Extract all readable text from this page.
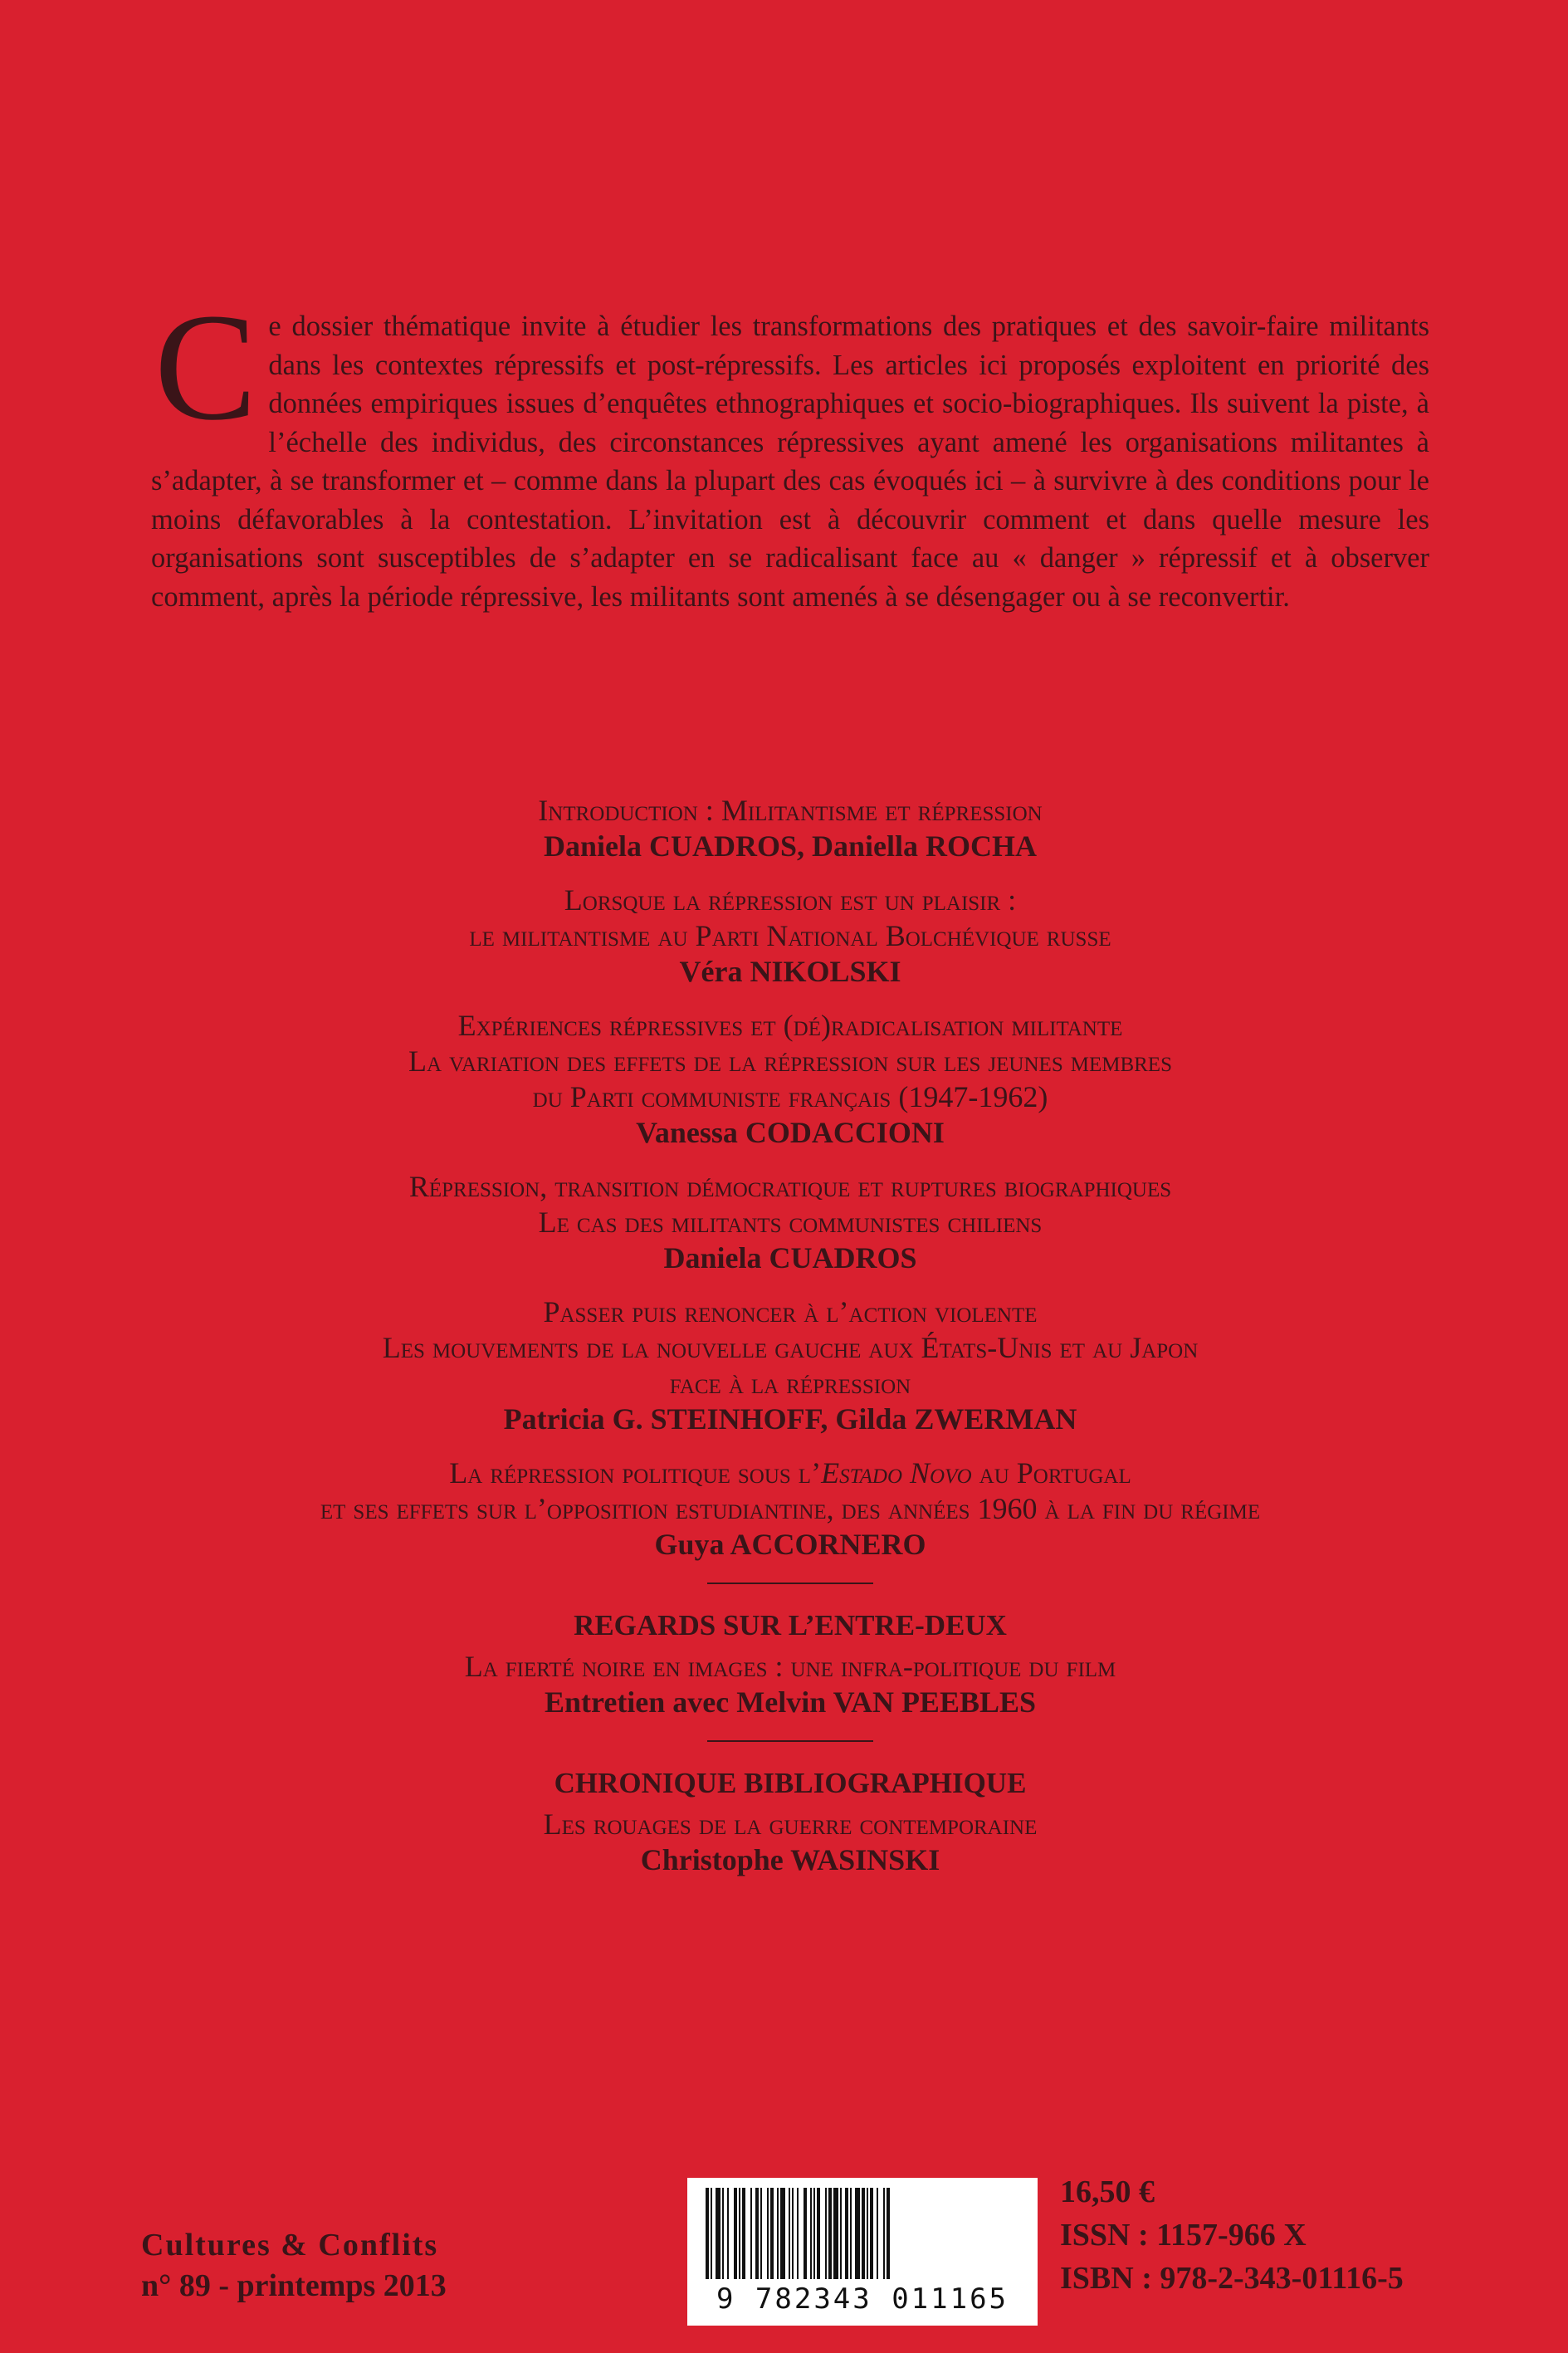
Ce dossier thématique invite à étudier les transformations des pratiques et des savoir-faire militants dans les contextes répressifs et post-répressifs. Les articles ici proposés exploitent en priorité des données empiriques issues d’enquêtes ethnographiques et socio-biographiques. Ils suivent la piste, à l’échelle des individus, des circonstances répressives ayant amené les organisations militantes à s’adapter, à se transformer et – comme dans la plupart des cas évoqués ici – à survivre à des conditions pour le moins défavorables à la contestation. L’invitation est à découvrir comment et dans quelle mesure les organisations sont susceptibles de s’adapter en se radicalisant face au « danger » répressif et à observer comment, après la période répressive, les militants sont amenés à se désengager ou à se reconvertir.

Introduction : Militantisme et répression

Daniela CUADROS, Daniella ROCHA

Lorsque la répression est un plaisir :

le militantisme au Parti National Bolchévique russe

Véra NIKOLSKI

Expériences répressives et (dé)radicalisation militante

La variation des effets de la répression sur les jeunes membres

du Parti communiste français (1947-1962)

Vanessa CODACCIONI

Répression, transition démocratique et ruptures biographiques

Le cas des militants communistes chiliens

Daniela CUADROS

Passer puis renoncer à l’action violente

Les mouvements de la nouvelle gauche aux États-Unis et au Japon

face à la répression

Patricia G. STEINHOFF, Gilda ZWERMAN

La répression politique sous l’Estado Novo au Portugal

et ses effets sur l’opposition estudiantine, des années 1960 à la fin du régime

Guya ACCORNERO

REGARDS SUR L’ENTRE-DEUX

La fierté noire en images : une infra-politique du film

Entretien avec Melvin VAN PEEBLES

CHRONIQUE BIBLIOGRAPHIQUE

Les rouages de la guerre contemporaine

Christophe WASINSKI

Cultures & Conflits
n° 89 - printemps 2013	9 782343 011165
16,50 €
ISSN : 1157-966 X
ISBN : 978-2-343-01116-5
